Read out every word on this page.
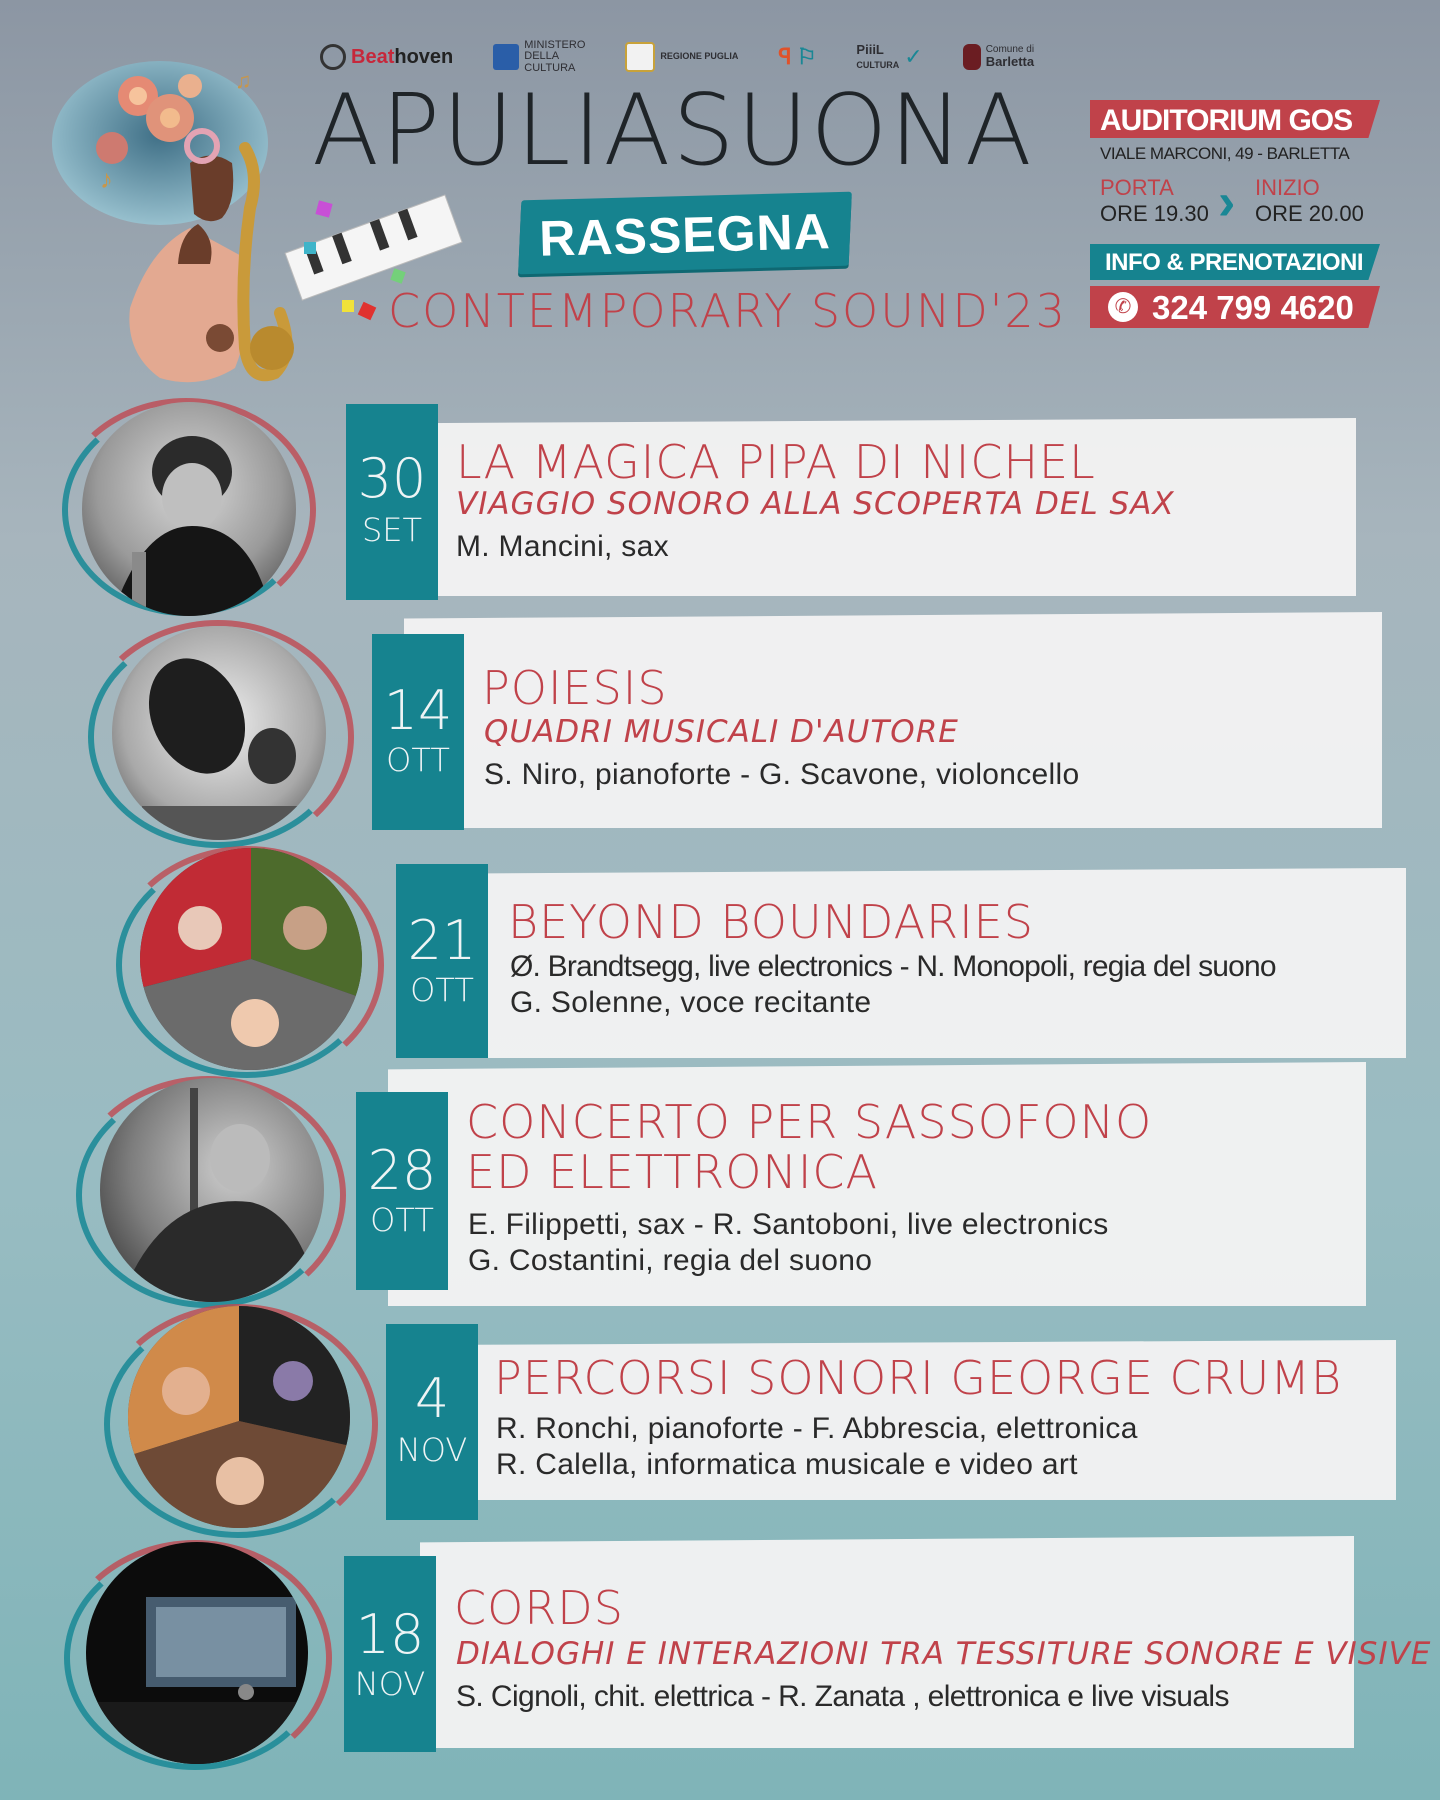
Beathoven
MINISTERO
DELLA
CULTURA
REGIONE PUGLIA ꟼ ⚐	PiiiL
CULTURA ✓	Comune di
Barletta
♪
♫ APULIASUONA
RASSEGNA
CONTEMPORARY SOUND'23
AUDITORIUM GOS
VIALE MARCONI, 49 - BARLETTA
PORTA
ORE 19.30 › INIZIO
ORE 20.00
INFO & PRENOTAZIONI
✆ 324 799 4620
30
SET
LA MAGICA PIPA DI NICHEL
VIAGGIO SONORO ALLA SCOPERTA DEL SAX
M. Mancini, sax
14
OTT
POIESIS
QUADRI MUSICALI D'AUTORE
S. Niro, pianoforte - G. Scavone, violoncello
21
OTT
BEYOND BOUNDARIES
Ø. Brandtsegg, live electronics - N. Monopoli, regia del suono
G. Solenne, voce recitante
28
OTT
CONCERTO PER SASSOFONO
ED ELETTRONICA
E. Filippetti, sax - R. Santoboni, live electronics
G. Costantini, regia del suono
4
NOV
PERCORSI SONORI GEORGE CRUMB
R. Ronchi, pianoforte - F. Abbrescia, elettronica
R. Calella, informatica musicale e video art
18
NOV
CORDS
DIALOGHI E INTERAZIONI TRA TESSITURE SONORE E VISIVE
S. Cignoli, chit. elettrica - R. Zanata , elettronica e live visuals
